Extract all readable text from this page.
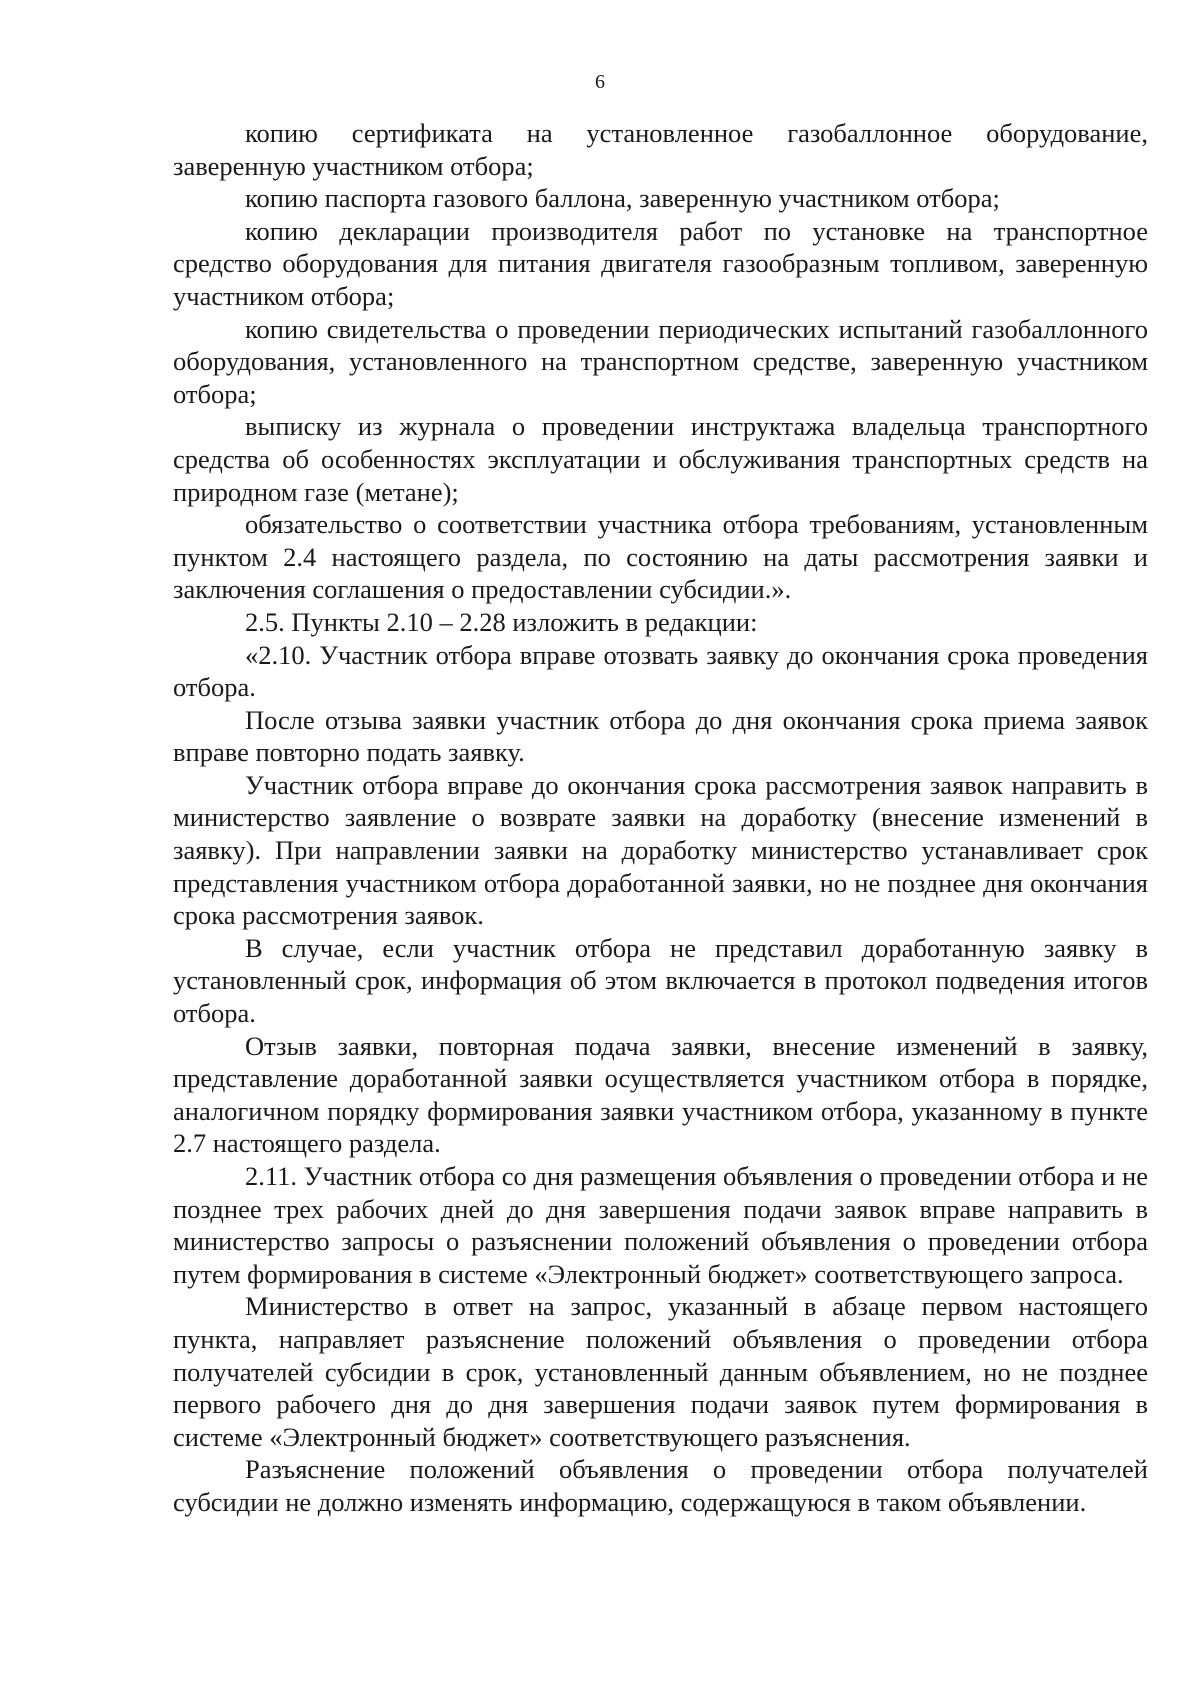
6

копию сертификата на установленное газобаллонное оборудование, заверенную участником отбора;

копию паспорта газового баллона, заверенную участником отбора;

копию декларации производителя работ по установке на транспортное средство оборудования для питания двигателя газообразным топливом, заверенную участником отбора;

копию свидетельства о проведении периодических испытаний газобаллонного оборудования, установленного на транспортном средстве, заверенную участником отбора;

выписку из журнала о проведении инструктажа владельца транспортного средства об особенностях эксплуатации и обслуживания транспортных средств на природном газе (метане);

обязательство о соответствии участника отбора требованиям, установленным пунктом 2.4 настоящего раздела, по состоянию на даты рассмотрения заявки и заключения соглашения о предоставлении субсидии.».

2.5. Пункты 2.10 – 2.28 изложить в редакции:

«2.10. Участник отбора вправе отозвать заявку до окончания срока проведения отбора.

После отзыва заявки участник отбора до дня окончания срока приема заявок вправе повторно подать заявку.

Участник отбора вправе до окончания срока рассмотрения заявок направить в министерство заявление о возврате заявки на доработку (внесение изменений в заявку). При направлении заявки на доработку министерство устанавливает срок представления участником отбора доработанной заявки, но не позднее дня окончания срока рассмотрения заявок.

В случае, если участник отбора не представил доработанную заявку в установленный срок, информация об этом включается в протокол подведения итогов отбора.

Отзыв заявки, повторная подача заявки, внесение изменений в заявку, представление доработанной заявки осуществляется участником отбора в порядке, аналогичном порядку формирования заявки участником отбора, указанному в пункте 2.7 настоящего раздела.

2.11. Участник отбора со дня размещения объявления о проведении отбора и не позднее трех рабочих дней до дня завершения подачи заявок вправе направить в министерство запросы о разъяснении положений объявления о проведении отбора путем формирования в системе «Электронный бюджет» соответствующего запроса.

Министерство в ответ на запрос, указанный в абзаце первом настоящего пункта, направляет разъяснение положений объявления о проведении отбора получателей субсидии в срок, установленный данным объявлением, но не позднее первого рабочего дня до дня завершения подачи заявок путем формирования в системе «Электронный бюджет» соответствующего разъяснения.

Разъяснение положений объявления о проведении отбора получателей субсидии не должно изменять информацию, содержащуюся в таком объявлении.
